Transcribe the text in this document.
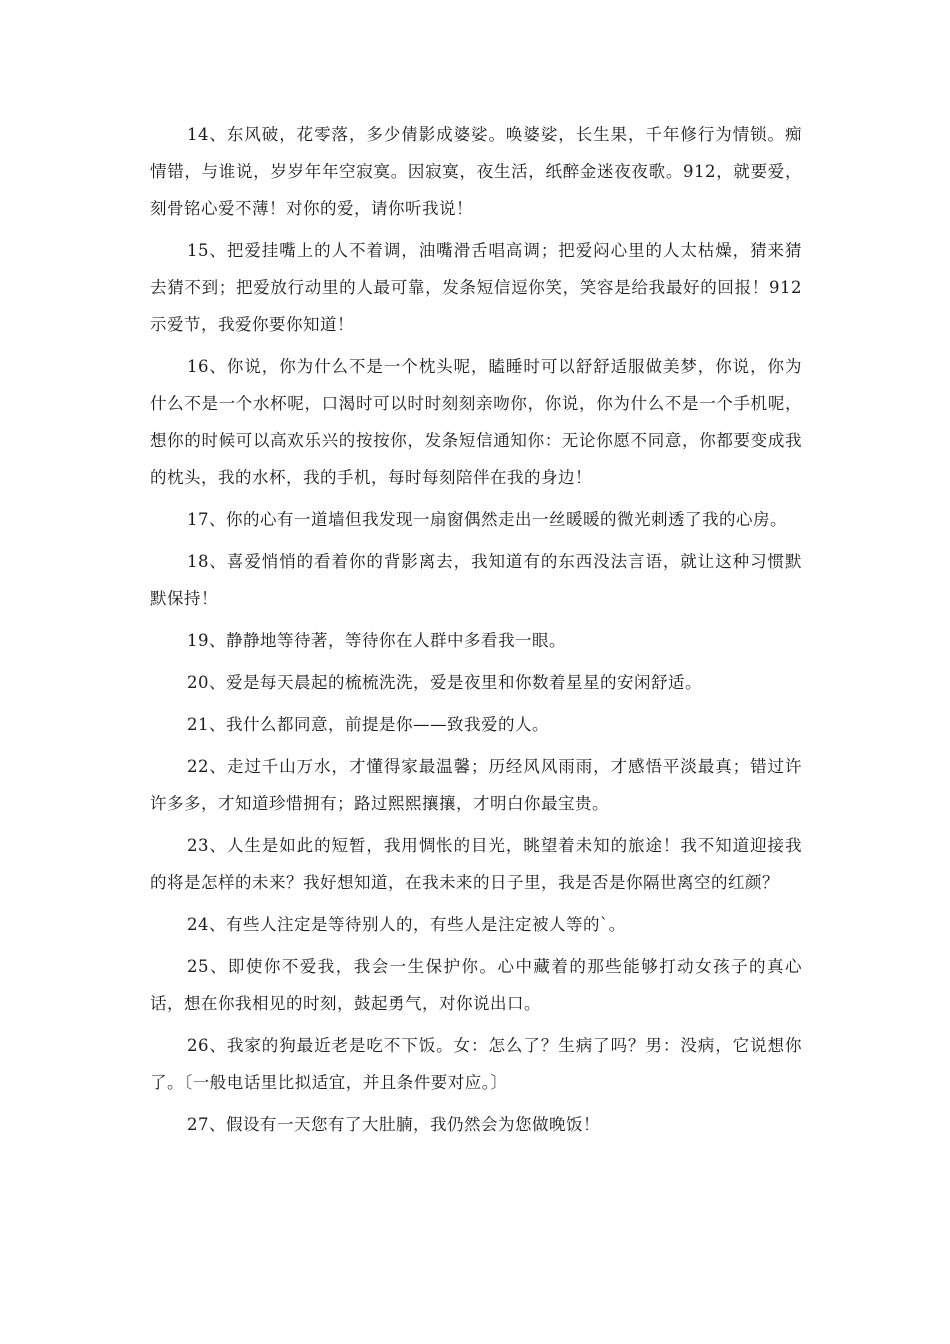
14、东风破，花零落，多少倩影成婆娑。唤婆娑，长生果，千年修行为情锁。痴情错，与谁说，岁岁年年空寂寞。因寂寞，夜生活，纸醉金迷夜夜歌。912，就要爱，刻骨铭心爱不薄！对你的爱，请你听我说！

15、把爱挂嘴上的人不着调，油嘴滑舌唱高调；把爱闷心里的人太枯燥，猜来猜去猜不到；把爱放行动里的人最可靠，发条短信逗你笑，笑容是给我最好的回报！912示爱节，我爱你要你知道！

16、你说，你为什么不是一个枕头呢，瞌睡时可以舒舒适服做美梦，你说，你为什么不是一个水杯呢，口渴时可以时时刻刻亲吻你，你说，你为什么不是一个手机呢，想你的时候可以高欢乐兴的按按你，发条短信通知你：无论你愿不同意，你都要变成我的枕头，我的水杯，我的手机，每时每刻陪伴在我的身边！

17、你的心有一道墙但我发现一扇窗偶然走出一丝暖暖的微光刺透了我的心房。

18、喜爱悄悄的看着你的背影离去，我知道有的东西没法言语，就让这种习惯默默保持！

19、静静地等待著，等待你在人群中多看我一眼。

20、爱是每天晨起的梳梳洗洗，爱是夜里和你数着星星的安闲舒适。

21、我什么都同意，前提是你——致我爱的人。

22、走过千山万水，才懂得家最温馨；历经风风雨雨，才感悟平淡最真；错过许许多多，才知道珍惜拥有；路过熙熙攘攘，才明白你最宝贵。

23、人生是如此的短暂，我用惆怅的目光，眺望着未知的旅途！我不知道迎接我的将是怎样的未来？我好想知道，在我未来的日子里，我是否是你隔世离空的红颜？

24、有些人注定是等待别人的，有些人是注定被人等的`。

25、即使你不爱我，我会一生保护你。心中藏着的那些能够打动女孩子的真心话，想在你我相见的时刻，鼓起勇气，对你说出口。

26、我家的狗最近老是吃不下饭。女：怎么了？生病了吗？男：没病，它说想你了。〔一般电话里比拟适宜，并且条件要对应。〕

27、假设有一天您有了大肚腩，我仍然会为您做晚饭！
